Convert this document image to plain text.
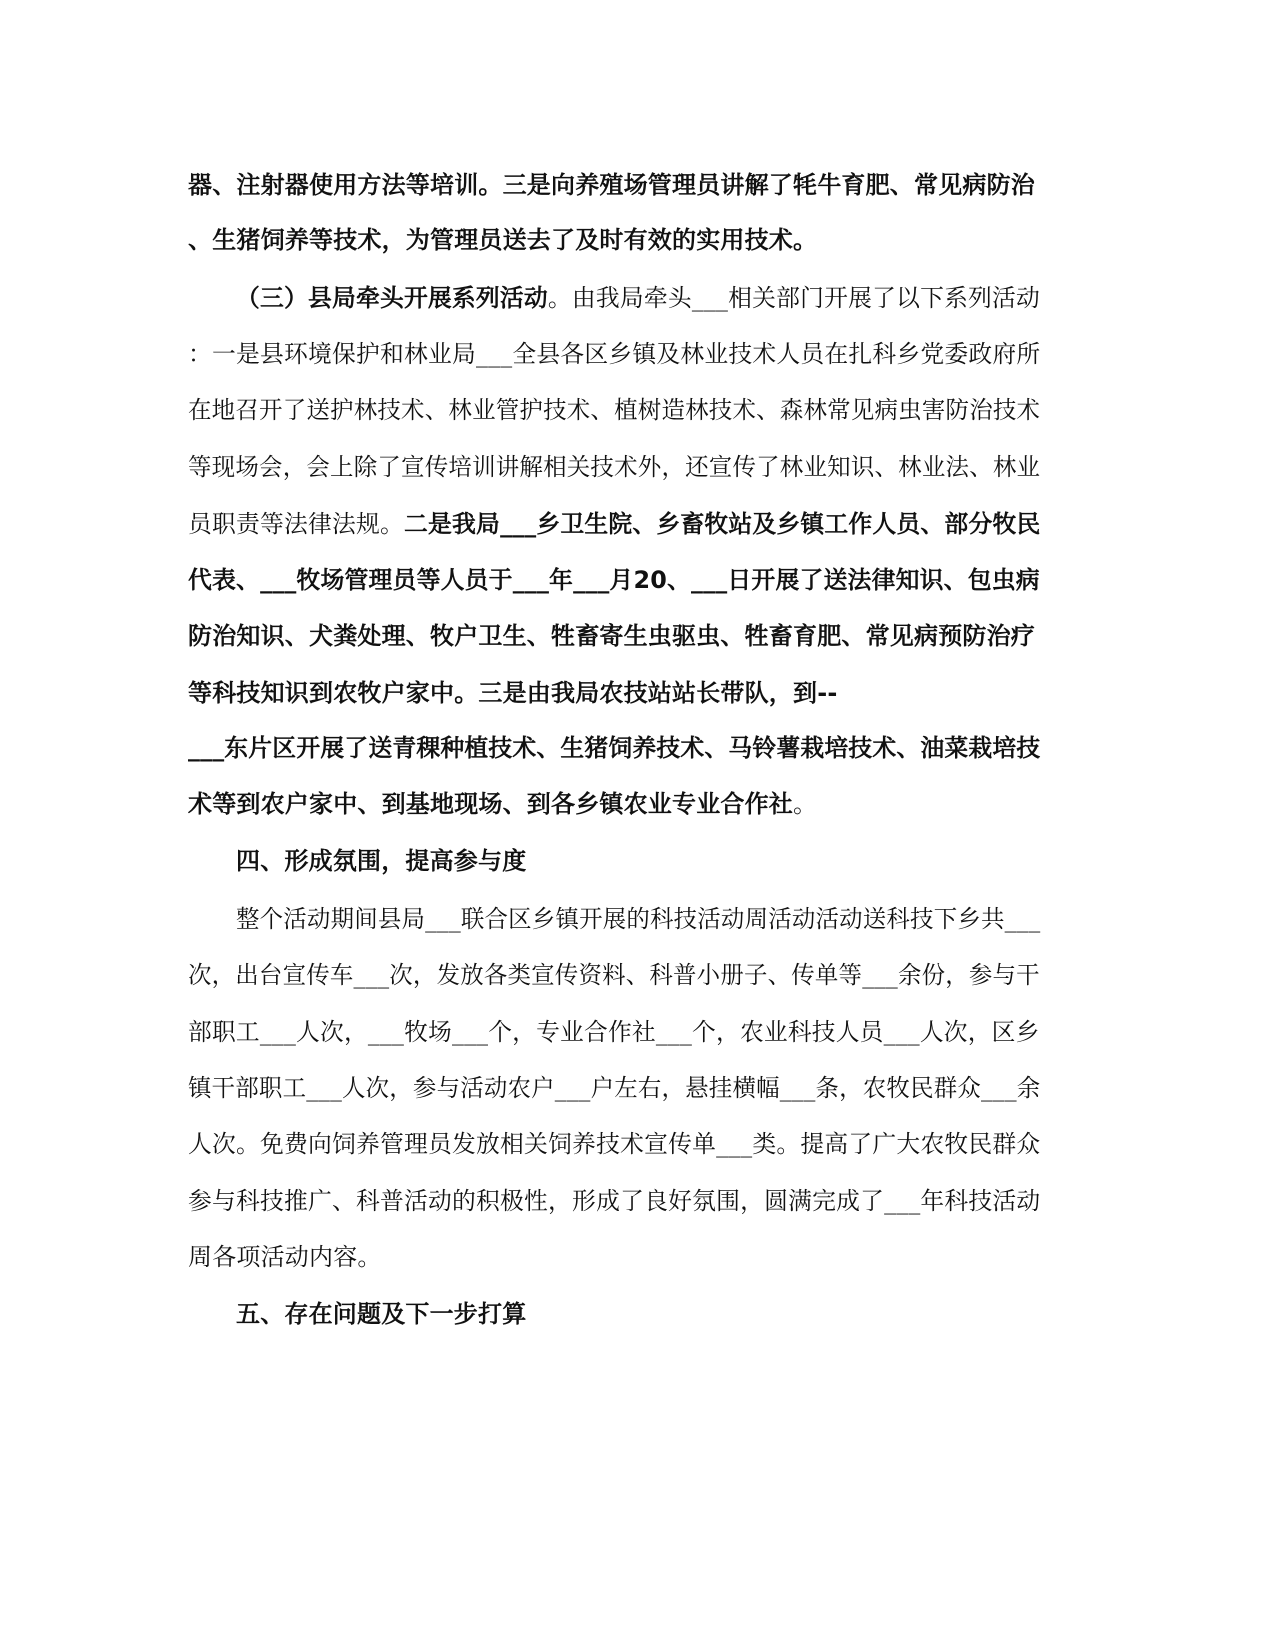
器、注射器使用方法等培训。三是向养殖场管理员讲解了牦牛育肥、常见病防治
、生猪饲养等技术，为管理员送去了及时有效的实用技术。
（三）县局牵头开展系列活动。由我局牵头___相关部门开展了以下系列活动
：一是县环境保护和林业局___全县各区乡镇及林业技术人员在扎科乡党委政府所
在地召开了送护林技术、林业管护技术、植树造林技术、森林常见病虫害防治技术
等现场会，会上除了宣传培训讲解相关技术外，还宣传了林业知识、林业法、林业
员职责等法律法规。二是我局___乡卫生院、乡畜牧站及乡镇工作人员、部分牧民
代表、___牧场管理员等人员于___年___月20、___日开展了送法律知识、包虫病
防治知识、犬粪处理、牧户卫生、牲畜寄生虫驱虫、牲畜育肥、常见病预防治疗
等科技知识到农牧户家中。三是由我局农技站站长带队，到--
___东片区开展了送青稞种植技术、生猪饲养技术、马铃薯栽培技术、油菜栽培技
术等到农户家中、到基地现场、到各乡镇农业专业合作社。
四、形成氛围，提高参与度
整个活动期间县局___联合区乡镇开展的科技活动周活动活动送科技下乡共___
次，出台宣传车___次，发放各类宣传资料、科普小册子、传单等___余份，参与干
部职工___人次，___牧场___个，专业合作社___个，农业科技人员___人次，区乡
镇干部职工___人次，参与活动农户___户左右，悬挂横幅___条，农牧民群众___余
人次。免费向饲养管理员发放相关饲养技术宣传单___类。提高了广大农牧民群众
参与科技推广、科普活动的积极性，形成了良好氛围，圆满完成了___年科技活动
周各项活动内容。
五、存在问题及下一步打算
